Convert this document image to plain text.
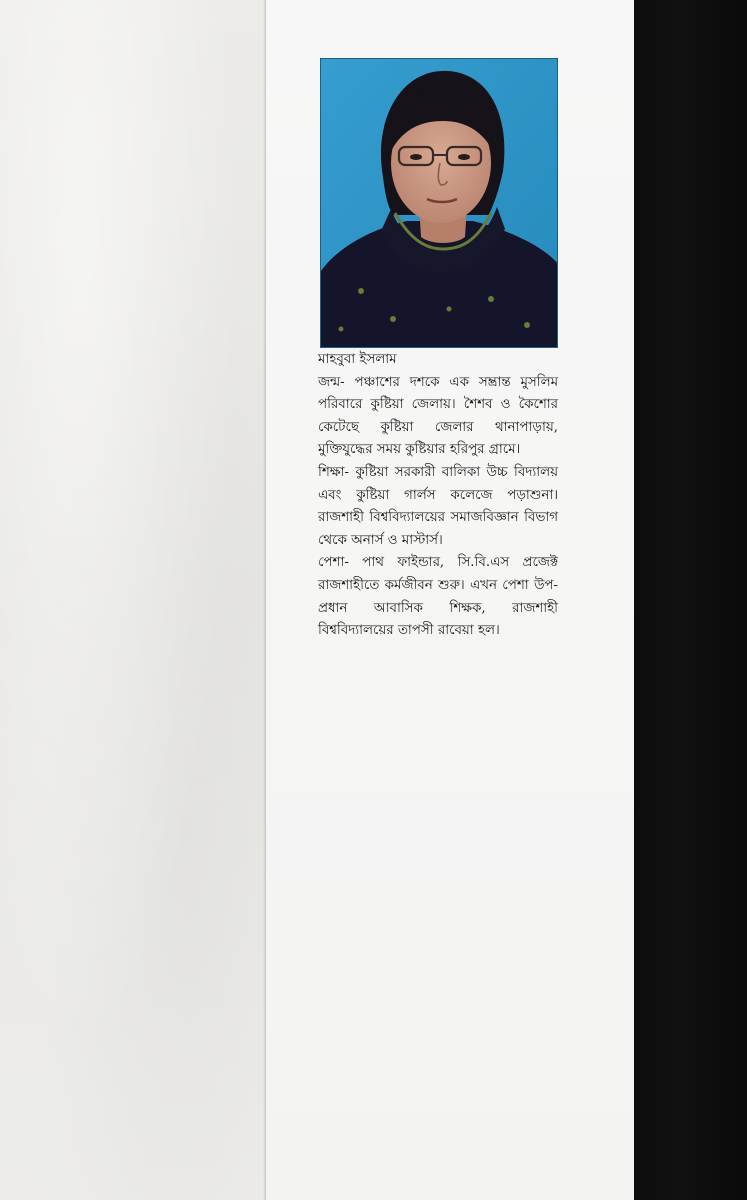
মাহবুবা ইসলাম

জন্ম- পঞ্চাশের দশকে এক সম্ভ্রান্ত মুসলিম পরিবারে কুষ্টিয়া জেলায়। শৈশব ও কৈশোর কেটেছে কুষ্টিয়া জেলার থানাপাড়ায়, মুক্তিযুদ্ধের সময় কুষ্টিয়ার হরিপুর গ্রামে।

শিক্ষা- কুষ্টিয়া সরকারী বালিকা উচ্চ বিদ্যালয় এবং কুষ্টিয়া গার্লস কলেজে পড়াশুনা। রাজশাহী বিশ্ববিদ্যালয়ের সমাজবিজ্ঞান বিভাগ থেকে অনার্স ও মাস্টার্স।

পেশা- পাথ ফাইন্ডার, সি.বি.এস প্রজেক্ট রাজশাহীতে কর্মজীবন শুরু। এখন পেশা উপ-প্রধান আবাসিক শিক্ষক, রাজশাহী বিশ্ববিদ্যালয়ের তাপসী রাবেয়া হল।
